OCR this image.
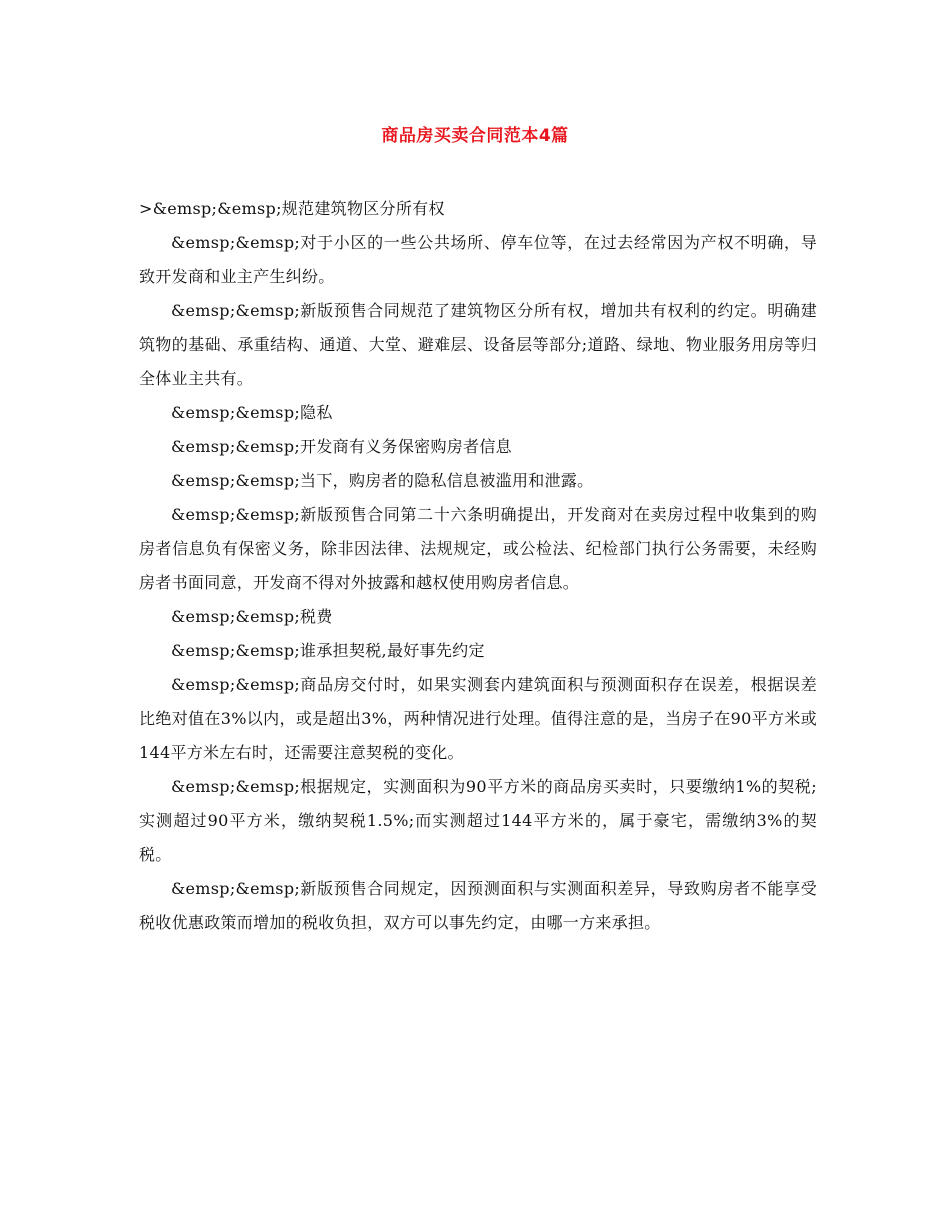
商品房买卖合同范本4篇

>&emsp;&emsp;规范建筑物区分所有权

&emsp;&emsp;对于小区的一些公共场所、停车位等，在过去经常因为产权不明确，导致开发商和业主产生纠纷。

&emsp;&emsp;新版预售合同规范了建筑物区分所有权，增加共有权利的约定。明确建筑物的基础、承重结构、通道、大堂、避难层、设备层等部分;道路、绿地、物业服务用房等归全体业主共有。

&emsp;&emsp;隐私

&emsp;&emsp;开发商有义务保密购房者信息

&emsp;&emsp;当下，购房者的隐私信息被滥用和泄露。

&emsp;&emsp;新版预售合同第二十六条明确提出，开发商对在卖房过程中收集到的购房者信息负有保密义务，除非因法律、法规规定，或公检法、纪检部门执行公务需要，未经购房者书面同意，开发商不得对外披露和越权使用购房者信息。

&emsp;&emsp;税费

&emsp;&emsp;谁承担契税,最好事先约定

&emsp;&emsp;商品房交付时，如果实测套内建筑面积与预测面积存在误差，根据误差比绝对值在3%以内，或是超出3%，两种情况进行处理。值得注意的是，当房子在90平方米或144平方米左右时，还需要注意契税的变化。

&emsp;&emsp;根据规定，实测面积为90平方米的商品房买卖时，只要缴纳1%的契税;实测超过90平方米，缴纳契税1.5%;而实测超过144平方米的，属于豪宅，需缴纳3%的契税。

&emsp;&emsp;新版预售合同规定，因预测面积与实测面积差异，导致购房者不能享受税收优惠政策而增加的税收负担，双方可以事先约定，由哪一方来承担。
